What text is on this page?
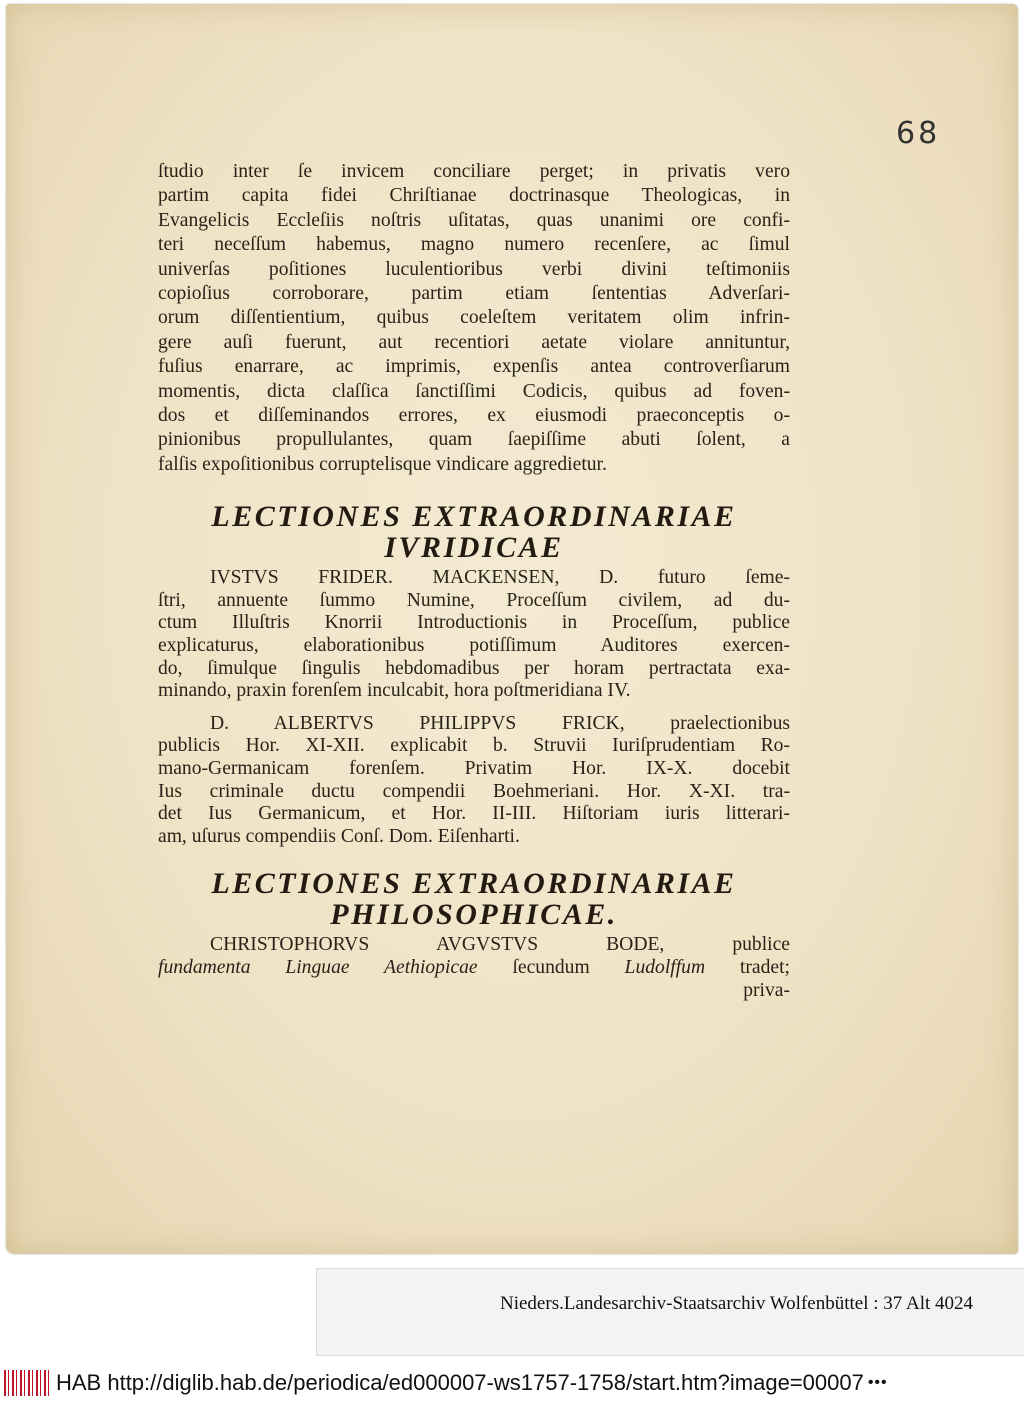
68

ſtudio inter ſe invicem conciliare perget; in privatis vero

partim capita fidei Chriſtianae doctrinasque Theologicas, in

Evangelicis Eccleſiis noſtris uſitatas, quas unanimi ore confi-

teri neceſſum habemus, magno numero recenſere, ac ſimul

univerſas poſitiones luculentioribus verbi divini teſtimoniis

copioſius corroborare, partim etiam ſententias Adverſari-

orum diſſentientium, quibus coeleſtem veritatem olim infrin-

gere auſi fuerunt, aut recentiori aetate violare annituntur,

fuſius enarrare, ac imprimis, expenſis antea controverſiarum

momentis, dicta claſſica ſanctiſſimi Codicis, quibus ad foven-

dos et diſſeminandos errores, ex eiusmodi praeconceptis o-

pinionibus propullulantes, quam ſaepiſſime abuti ſolent, a

falſis expoſitionibus corruptelisque vindicare aggredietur.

LECTIONES EXTRAORDINARIAE
IVRIDICAE

IVSTVS FRIDER. MACKENSEN, D. futuro ſeme-

ſtri, annuente ſummo Numine, Proceſſum civilem, ad du-

ctum Illuſtris Knorrii Introductionis in Proceſſum, publice

explicaturus, elaborationibus potiſſimum Auditores exercen-

do, ſimulque ſingulis hebdomadibus per horam pertractata exa-

minando, praxin forenſem inculcabit, hora poſtmeridiana IV.

D. ALBERTVS PHILIPPVS FRICK, praelectionibus

publicis Hor. XI-XII. explicabit b. Struvii Iuriſprudentiam Ro-

mano-Germanicam forenſem. Privatim Hor. IX-X. docebit

Ius criminale ductu compendii Boehmeriani. Hor. X-XI. tra-

det Ius Germanicum, et Hor. II-III. Hiſtoriam iuris litterari-

am, uſurus compendiis Conſ. Dom. Eiſenharti.

LECTIONES EXTRAORDINARIAE
PHILOSOPHICAE.

CHRISTOPHORVS AVGVSTVS BODE, publice

fundamenta Linguae Aethiopicae ſecundum Ludolffum tradet;

priva-

Nieders.Landesarchiv-Staatsarchiv Wolfenbüttel : 37 Alt 4024
HAB http://diglib.hab.de/periodica/ed000007-ws1757-1758/start.htm?image=00007 •••
